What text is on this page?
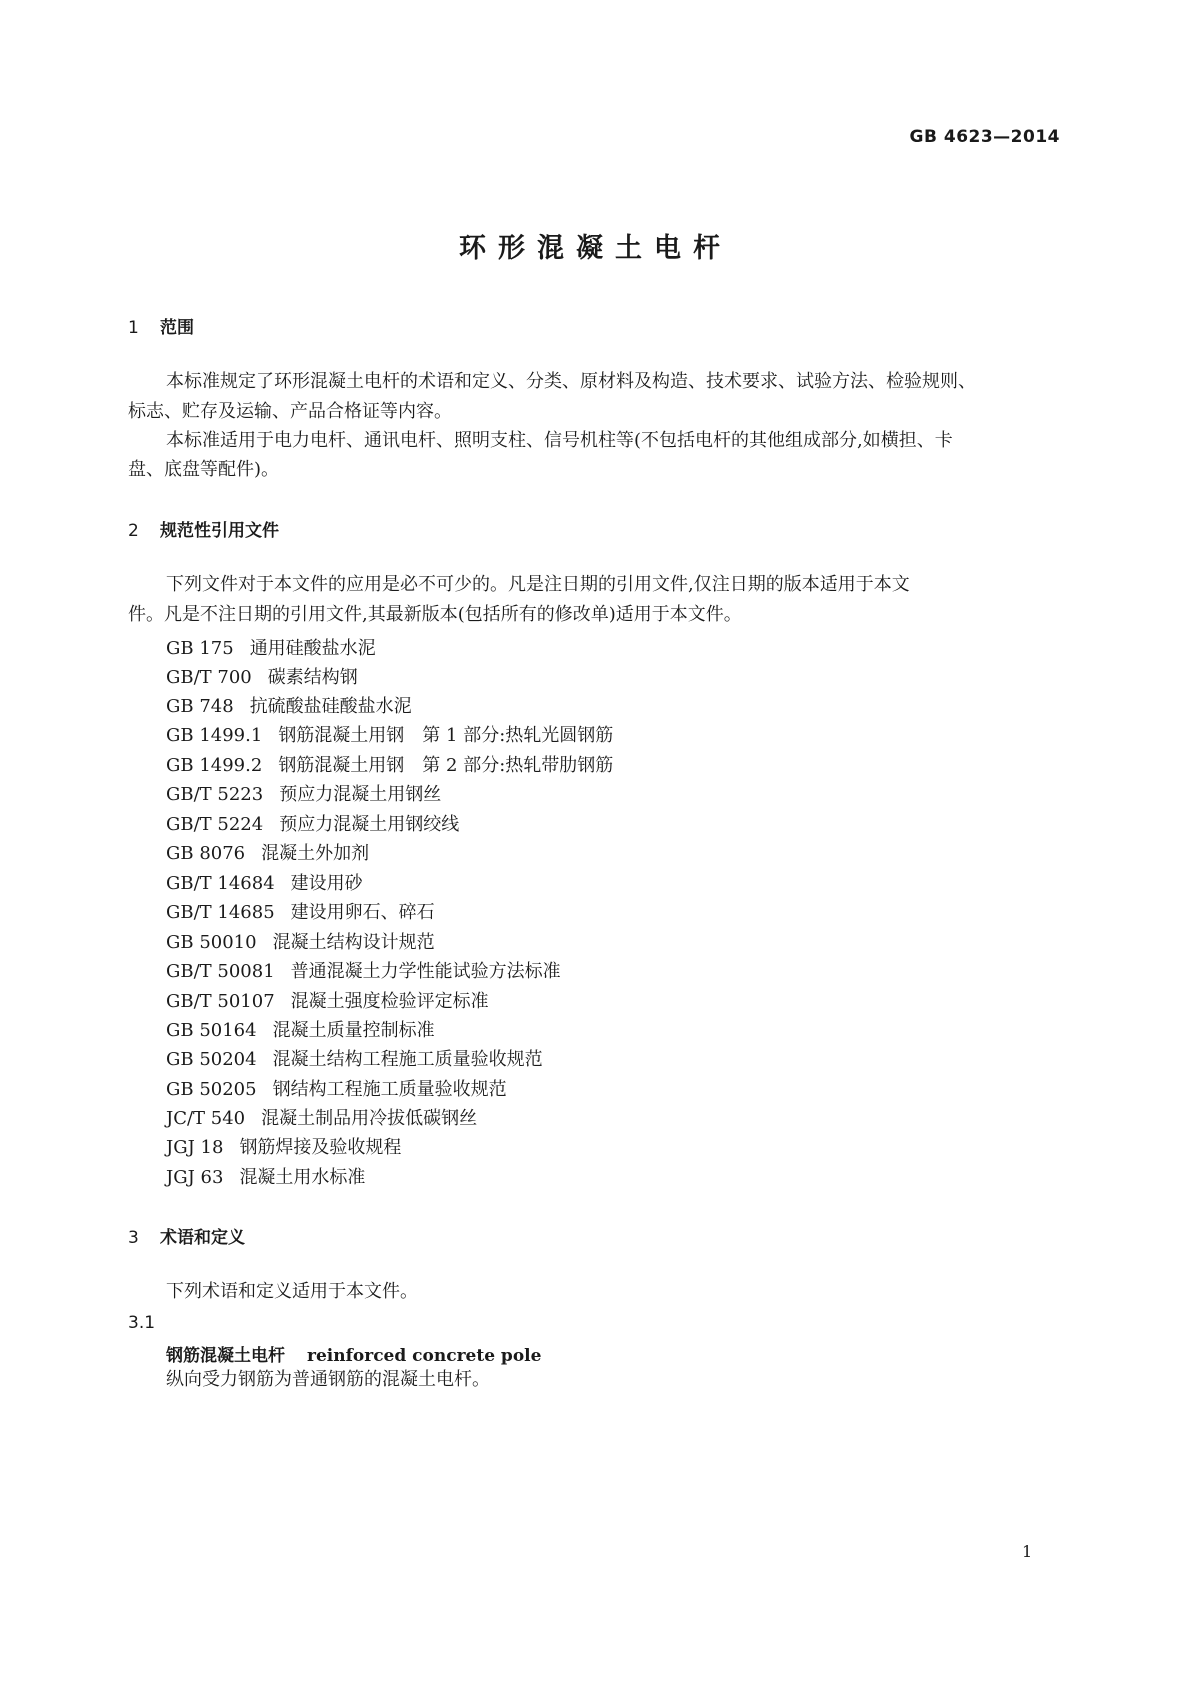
GB 4623—2014
环形混凝土电杆
1 范围
本标准规定了环形混凝土电杆的术语和定义、分类、原材料及构造、技术要求、试验方法、检验规则、
标志、贮存及运输、产品合格证等内容。
本标准适用于电力电杆、通讯电杆、照明支柱、信号机柱等(不包括电杆的其他组成部分,如横担、卡
盘、底盘等配件)。
2 规范性引用文件
下列文件对于本文件的应用是必不可少的。凡是注日期的引用文件,仅注日期的版本适用于本文
件。凡是不注日期的引用文件,其最新版本(包括所有的修改单)适用于本文件。
GB 175 通用硅酸盐水泥
GB/T 700 碳素结构钢
GB 748 抗硫酸盐硅酸盐水泥
GB 1499.1 钢筋混凝土用钢　第 1 部分:热轧光圆钢筋
GB 1499.2 钢筋混凝土用钢　第 2 部分:热轧带肋钢筋
GB/T 5223 预应力混凝土用钢丝
GB/T 5224 预应力混凝土用钢绞线
GB 8076 混凝土外加剂
GB/T 14684 建设用砂
GB/T 14685 建设用卵石、碎石
GB 50010 混凝土结构设计规范
GB/T 50081 普通混凝土力学性能试验方法标准
GB/T 50107 混凝土强度检验评定标准
GB 50164 混凝土质量控制标准
GB 50204 混凝土结构工程施工质量验收规范
GB 50205 钢结构工程施工质量验收规范
JC/T 540 混凝土制品用冷拔低碳钢丝
JGJ 18 钢筋焊接及验收规程
JGJ 63 混凝土用水标准
3 术语和定义
下列术语和定义适用于本文件。
3.1
钢筋混凝土电杆 reinforced concrete pole
纵向受力钢筋为普通钢筋的混凝土电杆。
1
